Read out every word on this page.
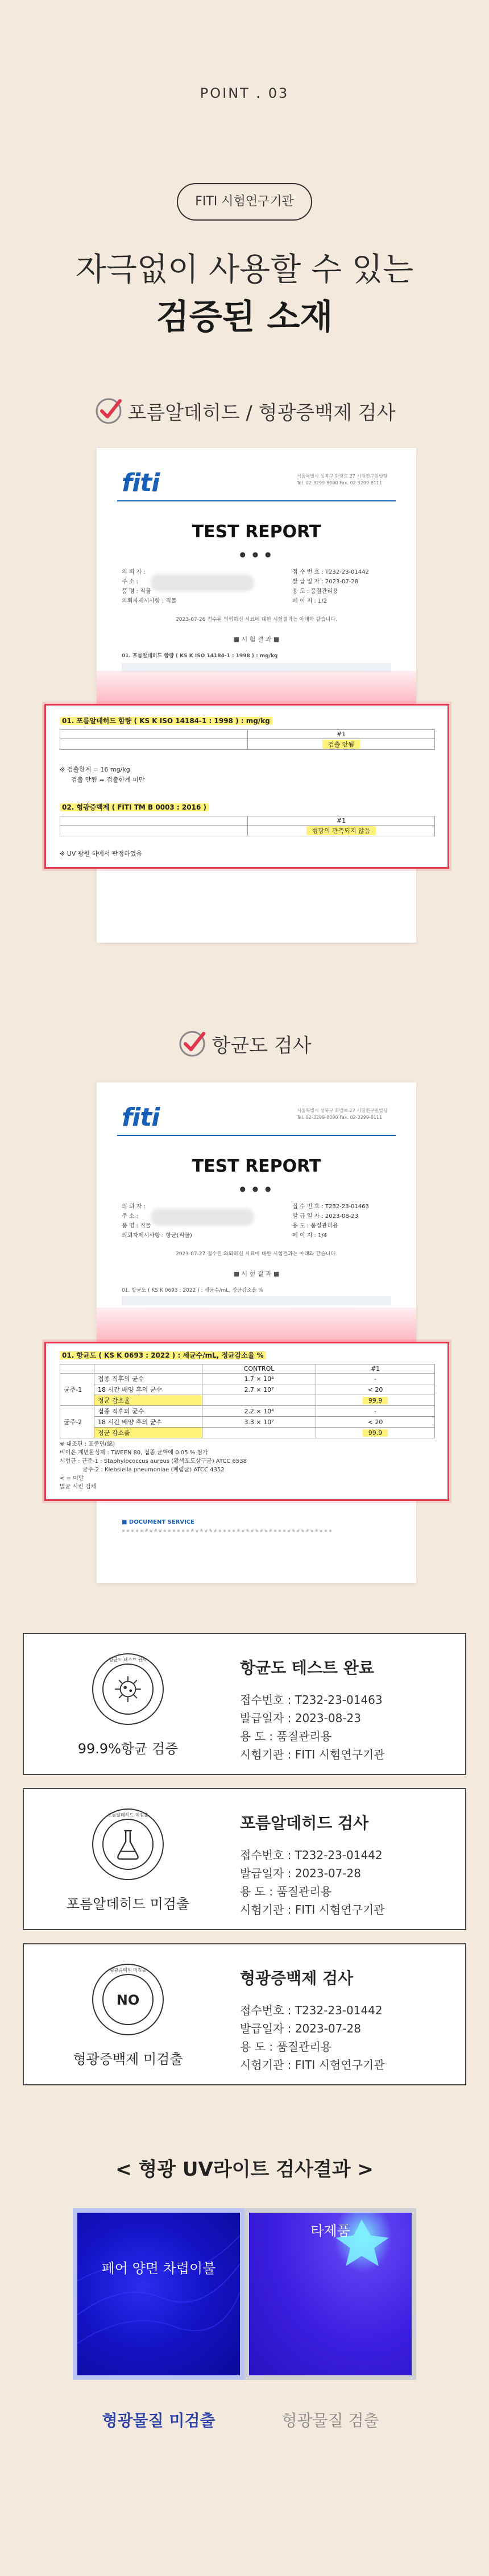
POINT . 03
FITI 시험연구기관
자극없이 사용할 수 있는
검증된 소재
포름알데히드 / 형광증백제 검사
fiti	서울특별시 성북구 화랑로 27 시험연구원빌딩 Tel. 02-3299-8000 Fax. 02-3299-8111
TEST REPORT
● ● ●
의 뢰 자 :
주 소 :
품 명 : 직물
의뢰자제시사항 : 직물
접 수 번 호 : T232-23-01442
발 급 일 자 : 2023-07-28
용 도 : 품질관리용
페 이 지 : 1/2
2023-07-26 접수된 의뢰하신 시료에 대한 시험결과는 아래와 같습니다.
■ 시 험 결 과 ■
01. 포름알데히드 함량 ( KS K ISO 14184-1 : 1998 ) : mg/kg
01. 포름알데히드 함량 ( KS K ISO 14184-1 : 1998 ) : mg/kg
	#1
	검출 안됨
※ 검출한계 = 16 mg/kg
검출 안됨 = 검출한계 미만
02. 형광증백제 ( FITI TM B 0003 : 2016 )
	#1
	형광의 관측되지 않음
※ UV 광원 하에서 판정하였음
항균도 검사
fiti	서울특별시 성북구 화랑로 27 시험연구원빌딩 Tel. 02-3299-8000 Fax. 02-3299-8111
TEST REPORT
● ● ●
의 뢰 자 :
주 소 :
품 명 : 직물
의뢰자제시사항 : 항균(직물)
접 수 번 호 : T232-23-01463
발 급 일 자 : 2023-08-23
용 도 : 품질관리용
페 이 지 : 1/4
2023-07-27 접수된 의뢰하신 시료에 대한 시험결과는 아래와 같습니다.
■ 시 험 결 과 ■
01. 항균도 ( KS K 0693 : 2022 ) : 세균수/mL, 정균감소율 %
■ DOCUMENT SERVICE
※ ※ ※ ※ ※ ※ ※ ※ ※ ※ ※ ※ ※ ※ ※ ※ ※ ※ ※ ※ ※ ※ ※ ※ ※ ※ ※ ※ ※ ※ ※ ※ ※ ※ ※ ※ ※ ※ ※ ※ ※ ※ ※ ※ ※ ※
01. 항균도 ( KS K 0693 : 2022 ) : 세균수/mL, 정균감소율 %
		CONTROL	#1
균주-1	접종 직후의 균수	1.7 × 10⁴	-
	18 시간 배양 후의 균수	2.7 × 10⁷	< 20
	정균 감소율		99.9
균주-2	접종 직후의 균수	2.2 × 10⁴	-
	18 시간 배양 후의 균수	3.3 × 10⁷	< 20
	정균 감소율		99.9
※ 대조편 : 표준면(綿)
비이온 계면활성제 : TWEEN 80, 접종 균액에 0.05 % 첨가
시험균 : 균주-1 : Staphylococcus aureus (황색포도상구균) ATCC 6538
균주-2 : Klebsiella pneumoniae (폐렴균) ATCC 4352
< = 미만
멸균 시킨 검체
항균도 테스트 완료
99.9%항균 검증
항균도 테스트 완료
접수번호 : T232-23-01463
발급일자 : 2023-08-23
용 도 : 품질관리용
시험기관 : FITI 시험연구기관
포름알데히드 미검출
포름알데히드 미검출
포름알데히드 검사
접수번호 : T232-23-01442
발급일자 : 2023-07-28
용 도 : 품질관리용
시험기관 : FITI 시험연구기관
형광증백제 미검출
NO
형광증백제 미검출
형광증백제 검사
접수번호 : T232-23-01442
발급일자 : 2023-07-28
용 도 : 품질관리용
시험기관 : FITI 시험연구기관
< 형광 UV라이트 검사결과 >
페어 양면 차렵이불
타제품
형광물질 미검출	형광물질 검출
